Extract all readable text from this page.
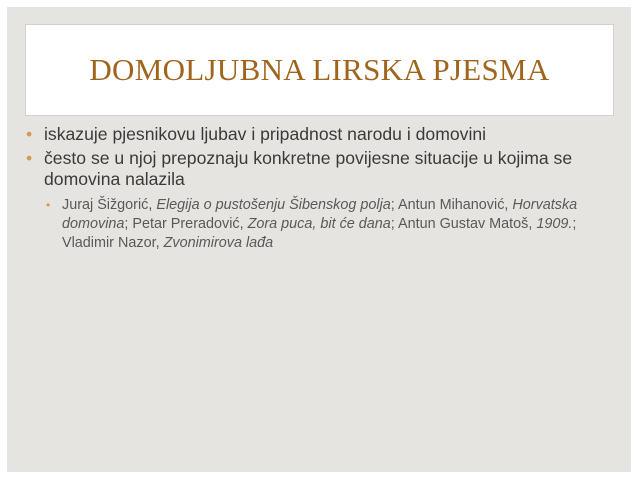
DOMOLJUBNA LIRSKA PJESMA
• iskazuje pjesnikovu ljubav i pripadnost narodu i domovini
• često se u njoj prepoznaju konkretne povijesne situacije u kojima se domovina nalazila
• Juraj Šižgorić, Elegija o pustošenju Šibenskog polja; Antun Mihanović, Horvatska domovina; Petar Preradović, Zora puca, bit će dana; Antun Gustav Matoš, 1909.; Vladimir Nazor, Zvonimirova lađa
